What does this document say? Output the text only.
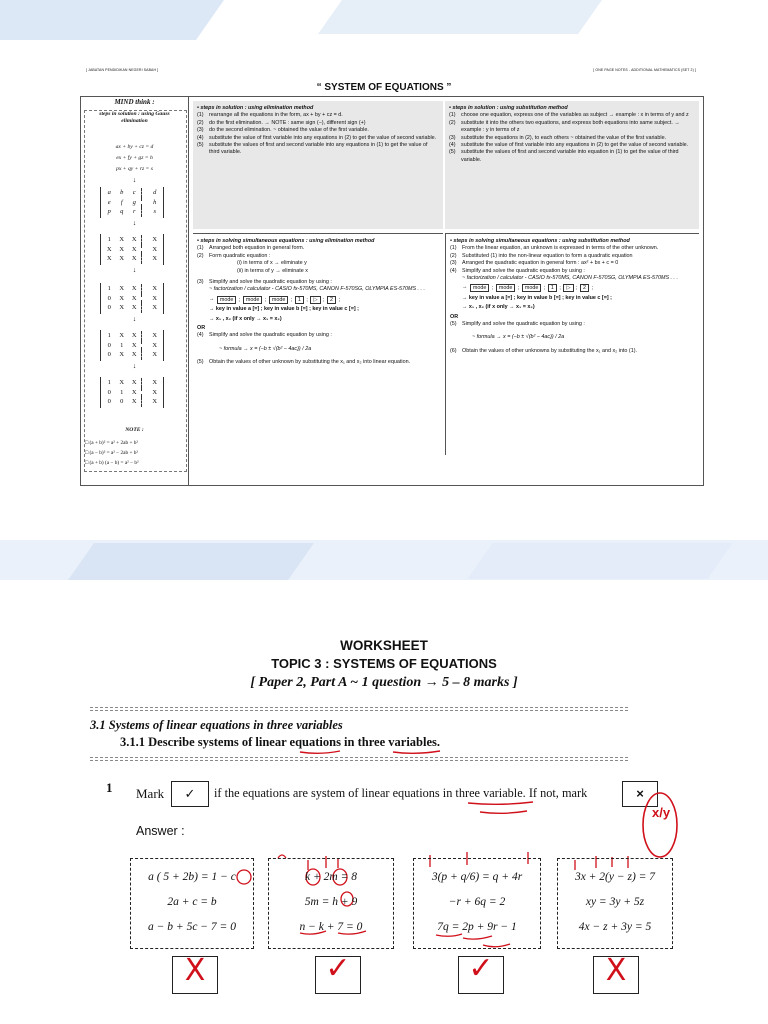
[ JABATAN PENDIDIKAN NEGERI SABAH ]	[ ONE PAGE NOTES - ADDITIONAL MATHEMATICS (SET 2) ]
“ SYSTEM OF EQUATIONS ”
MIND think :
steps in solution : using Gauss elimination
ax + by + cz = d
ex + fy + gz = h
px + qy + rz = s
↓
a	b	c	d
e	f	g	h
p	q	r	s
↓
1	X	X	X
X	X	X	X
X	X	X	X
↓
1	X	X	X
0	X	X	X
0	X	X	X
↓
1	X	X	X
0	1	X	X
0	X	X	X
↓
1	X	X	X
0	1	X	X
0	0	X	X
NOTE :
□ (a + b)² = a² + 2ab + b²
□ (a − b)² = a² − 2ab + b²
□ (a + b) (a − b) = a² − b²
• steps in solution : using elimination method
(1)	rearrange all the equations in the form, ax + by + cz = d.
(2)	do the first elimination. → NOTE : same sign (−), different sign (+)
(3)	do the second elimination. ~ obtained the value of the first variable.
(4)	substitute the value of first variable into any equations in (2) to get the value of second variable.
(5)	substitute the values of first and second variable into any equations in (1) to get the value of third variable.
• steps in solution : using substitution method
(1)	choose one equation, express one of the variables as subject → example : x in terms of y and z
(2)	substitute it into the others two equations, and express both equations into same subject. → example : y in terms of z
(3)	substitute the equations in (2), to each others ~ obtained the value of the first variable.
(4)	substitute the value of first variable into any equations in (2) to get the value of second variable.
(5)	substitute the values of first and second variable into equation in (1) to get the value of third variable.
• steps in solving simultaneous equations : using elimination method
(1)	Arranged both equation in general form.
(2)	Form quadratic equation :
(i) in terms of x → eliminate y
(ii) in terms of y → eliminate x
(3)	Simplify and solve the quadratic equation by using :
~ factorization / calculator - CASIO fx-570MS, CANON F-570SG, OLYMPIA ES-570MS . . .
→ mode ; mode ; mode ; 1 ; ▷ ; 2 ;
→ key in value a [=] ; key in value b [=] ; key in value c [=] ;
→ x₁ , x₂ (if x only → x₁ = x₂)
OR
(4)	Simplify and solve the quadratic equation by using :
~ formula → x = (−b ± √(b² − 4ac)) / 2a
(5)	Obtain the values of other unknown by substituting the x₁ and x₂ into linear equation.
• steps in solving simultaneous equations : using substitution method
(1)	From the linear equation, an unknown is expressed in terms of the other unknown.
(2)	Substituted (1) into the non-linear equation to form a quadratic equation
(3)	Arranged the quadratic equation in general form : ax² + bx + c = 0
(4)	Simplify and solve the quadratic equation by using :
~ factorization / calculator - CASIO fx-570MS, CANON F-570SG, OLYMPIA ES-570MS . . .
→ mode ; mode ; mode ; 1 ; ▷ ; 2 ;
→ key in value a [=] ; key in value b [=] ; key in value c [=] ;
→ x₁ , x₂ (if x only → x₁ = x₂)
OR
(5)	Simplify and solve the quadratic equation by using :
~ formula → x = (−b ± √(b² − 4ac)) / 2a
(6)	Obtain the values of other unknowns by substituting the x₁ and x₂ into (1).
WORKSHEET
TOPIC 3 : SYSTEMS OF EQUATIONS
[ Paper 2, Part A ~ 1 question → 5 – 8 marks ]
3.1 Systems of linear equations in three variables
3.1.1 Describe systems of linear equations in three variables.
1 Mark	✓	if the equations are system of linear equations in three variable. If not, mark	×
x/y
Answer :
a ( 5 + 2b) = 1 − c
2a + c = b
a − b + 5c − 7 = 0
k + 2m = 8
5m = h + 9
n − k + 7 = 0
3(p + q/6) = q + 4r
−r + 6q = 2
7q = 2p + 9r − 1
3x + 2(y − z) = 7
xy = 3y + 5z
4x − z + 3y = 5
X	✓	✓	X
